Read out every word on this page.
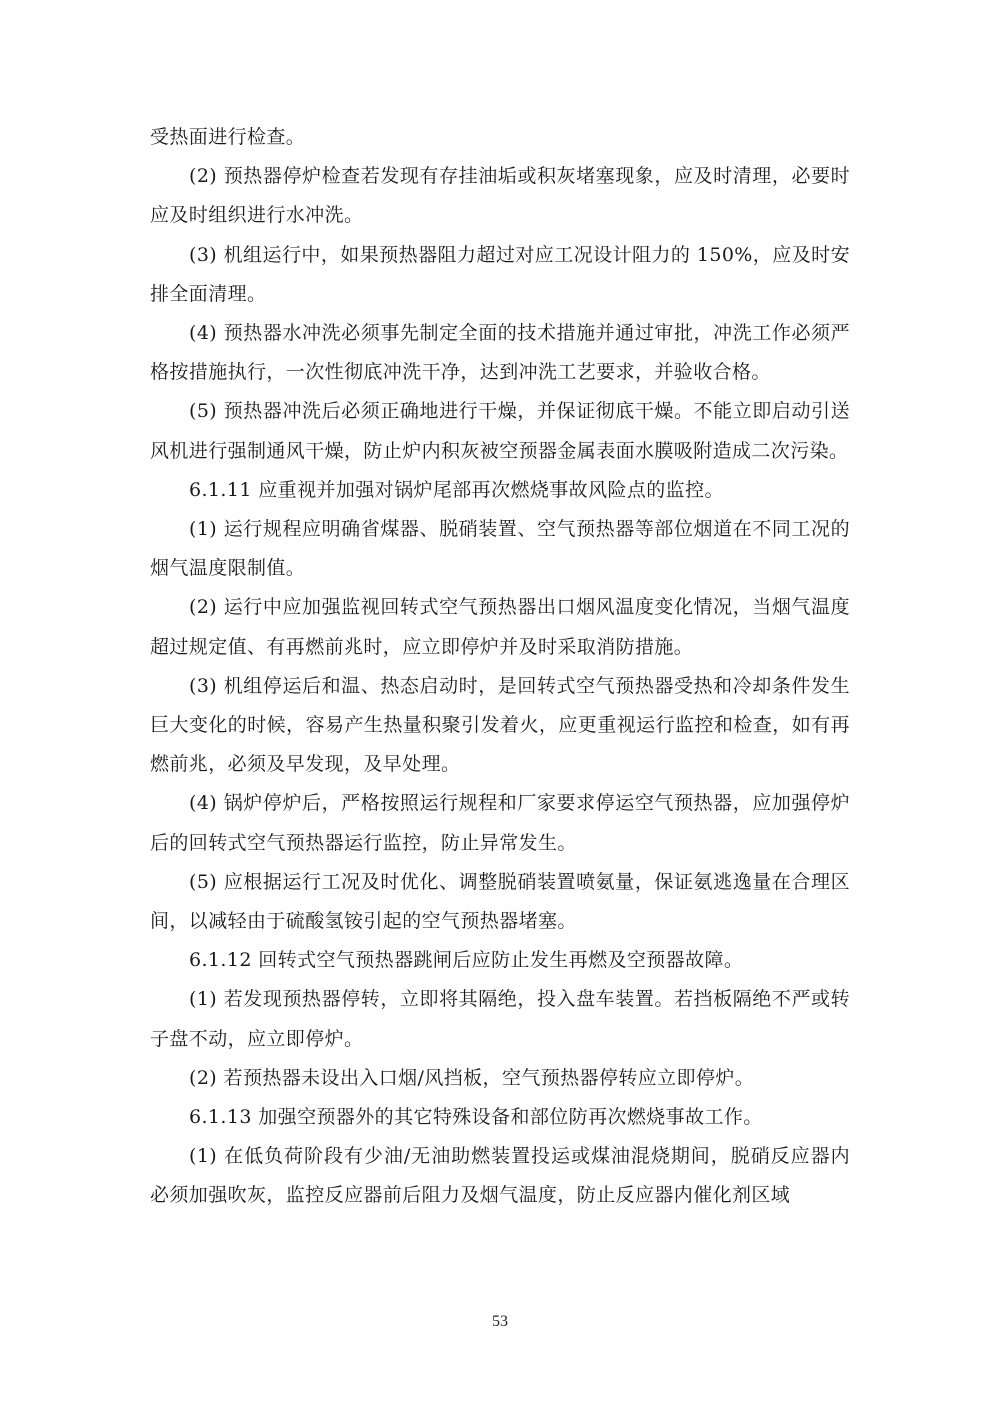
受热面进行检查。

(2) 预热器停炉检查若发现有存挂油垢或积灰堵塞现象，应及时清理，必要时应及时组织进行水冲洗。

(3) 机组运行中，如果预热器阻力超过对应工况设计阻力的 150%，应及时安排全面清理。

(4) 预热器水冲洗必须事先制定全面的技术措施并通过审批，冲洗工作必须严格按措施执行，一次性彻底冲洗干净，达到冲洗工艺要求，并验收合格。

(5) 预热器冲洗后必须正确地进行干燥，并保证彻底干燥。不能立即启动引送风机进行强制通风干燥，防止炉内积灰被空预器金属表面水膜吸附造成二次污染。

6.1.11 应重视并加强对锅炉尾部再次燃烧事故风险点的监控。

(1) 运行规程应明确省煤器、脱硝装置、空气预热器等部位烟道在不同工况的烟气温度限制值。

(2) 运行中应加强监视回转式空气预热器出口烟风温度变化情况，当烟气温度超过规定值、有再燃前兆时，应立即停炉并及时采取消防措施。

(3) 机组停运后和温、热态启动时，是回转式空气预热器受热和冷却条件发生巨大变化的时候，容易产生热量积聚引发着火，应更重视运行监控和检查，如有再燃前兆，必须及早发现，及早处理。

(4) 锅炉停炉后，严格按照运行规程和厂家要求停运空气预热器，应加强停炉后的回转式空气预热器运行监控，防止异常发生。

(5) 应根据运行工况及时优化、调整脱硝装置喷氨量，保证氨逃逸量在合理区间，以减轻由于硫酸氢铵引起的空气预热器堵塞。

6.1.12 回转式空气预热器跳闸后应防止发生再燃及空预器故障。

(1) 若发现预热器停转，立即将其隔绝，投入盘车装置。若挡板隔绝不严或转子盘不动，应立即停炉。

(2) 若预热器未设出入口烟/风挡板，空气预热器停转应立即停炉。

6.1.13 加强空预器外的其它特殊设备和部位防再次燃烧事故工作。

(1) 在低负荷阶段有少油/无油助燃装置投运或煤油混烧期间，脱硝反应器内必须加强吹灰，监控反应器前后阻力及烟气温度，防止反应器内催化剂区域

53
